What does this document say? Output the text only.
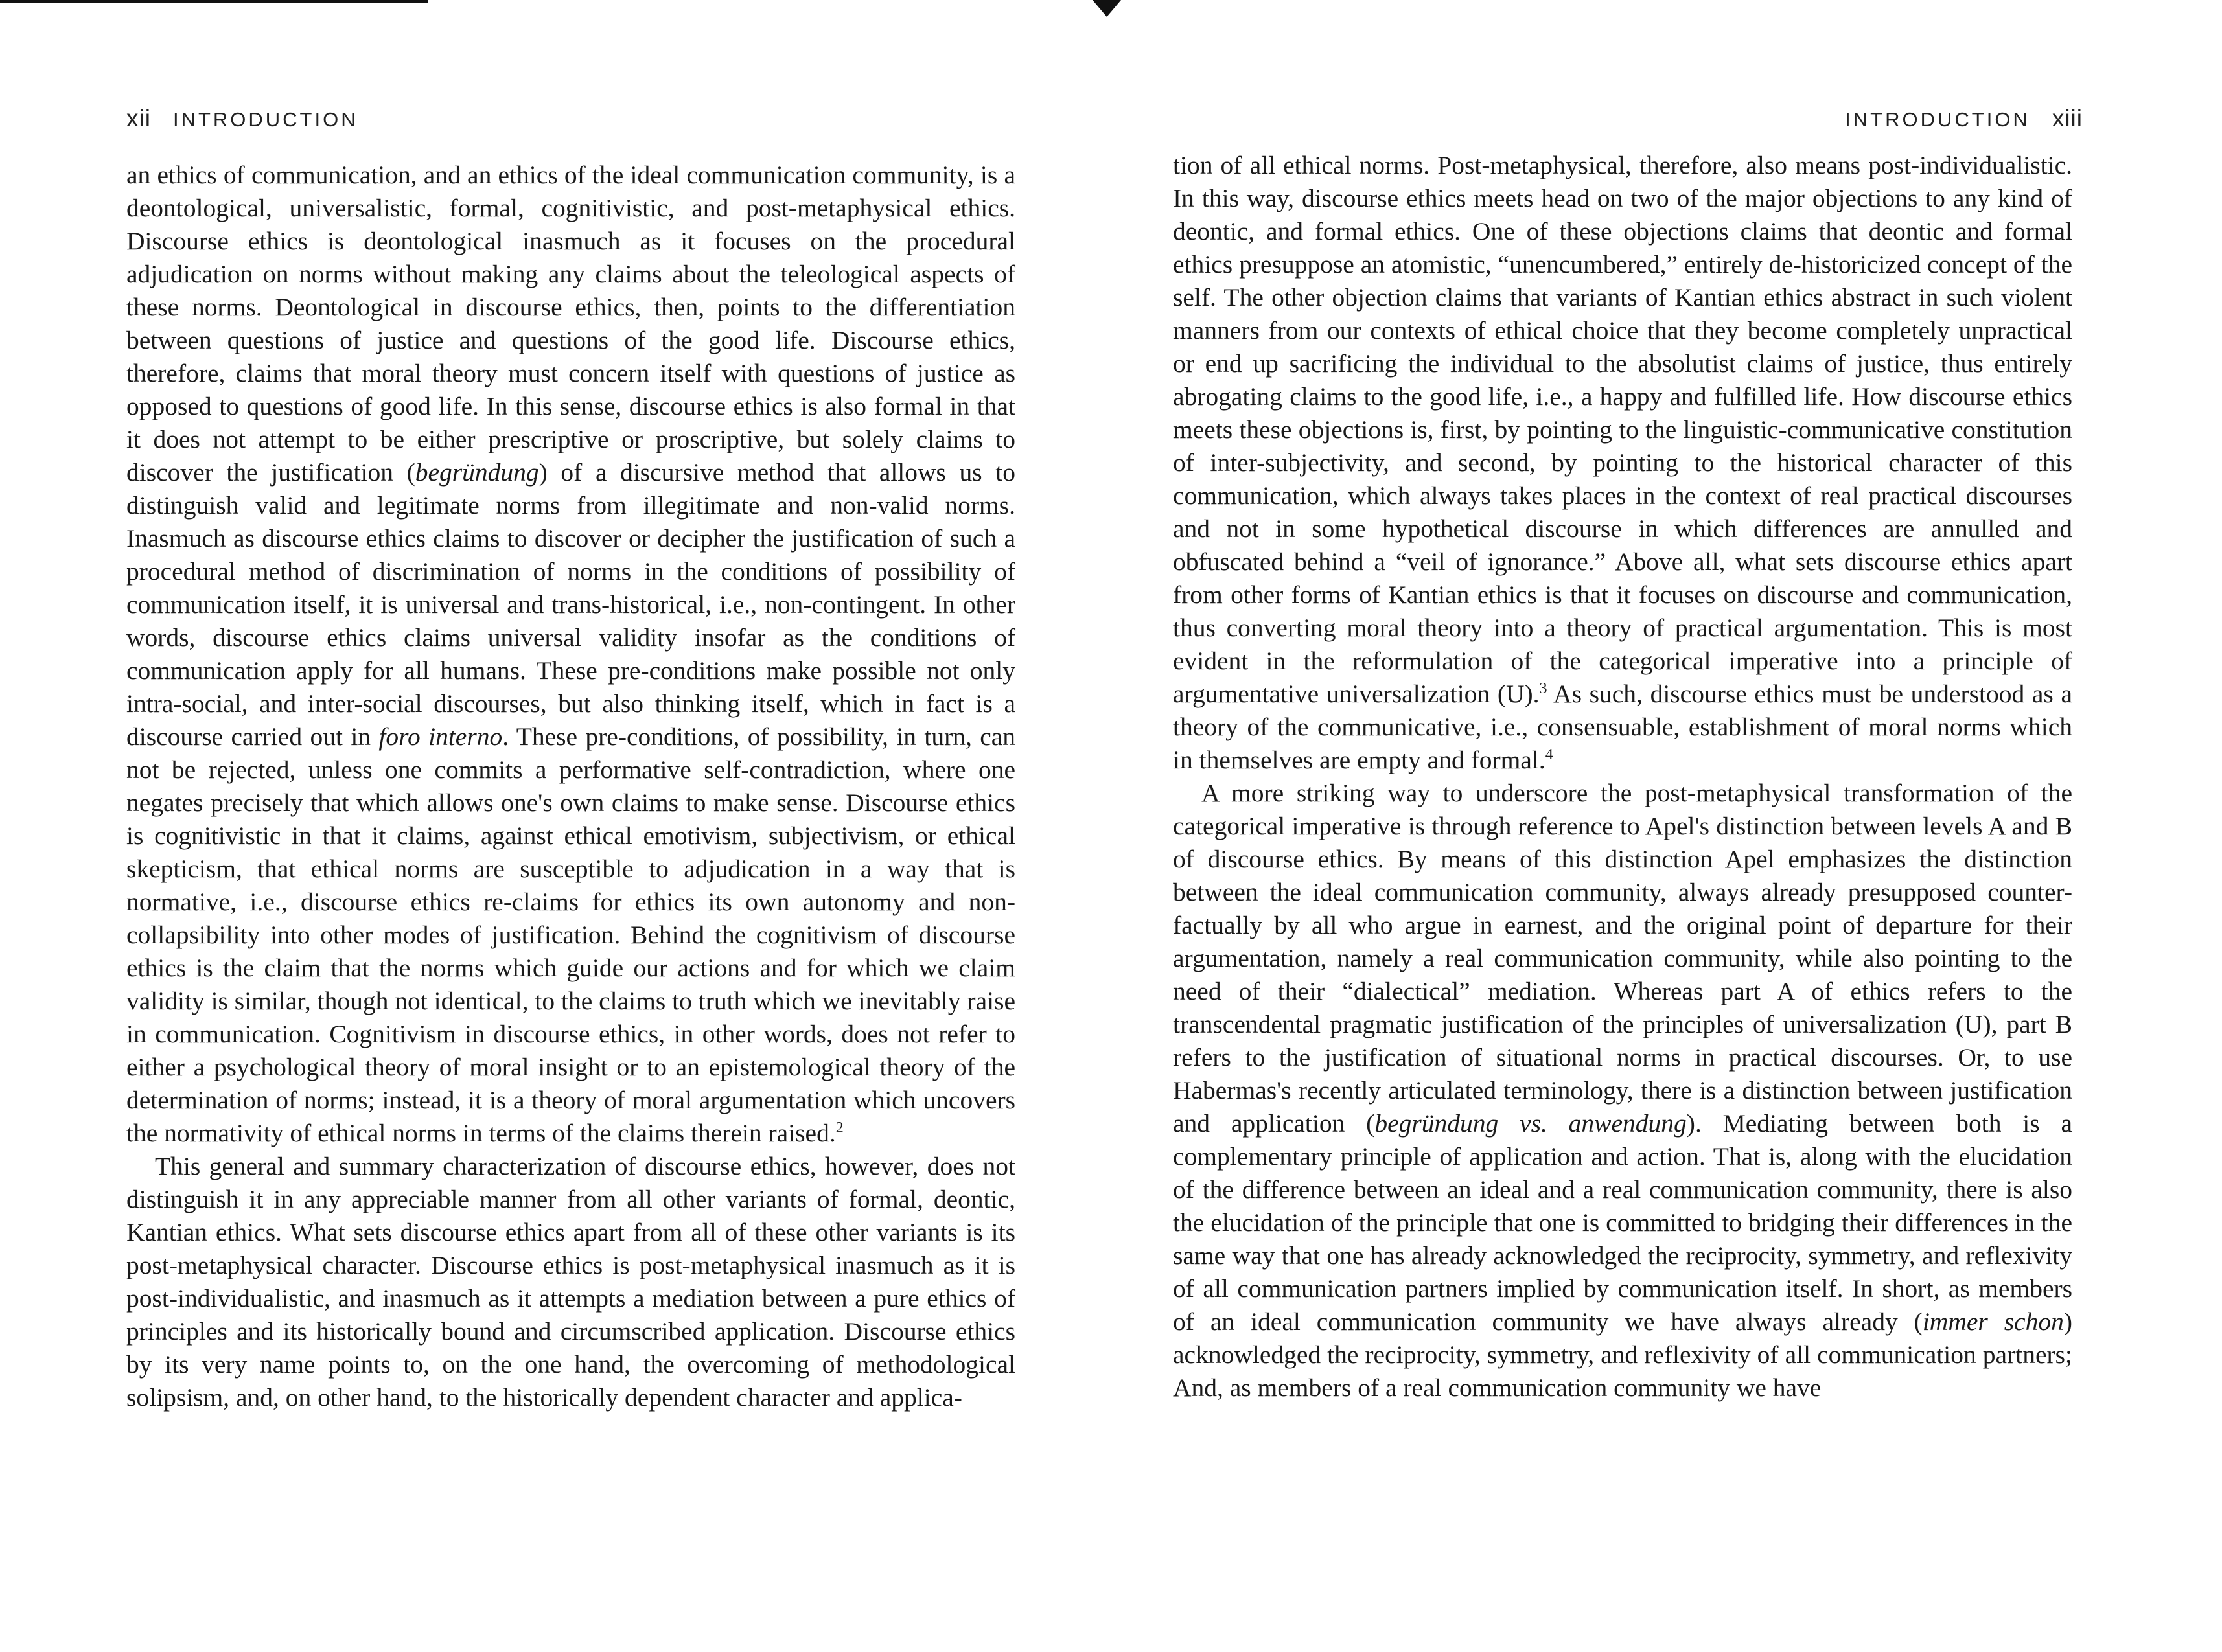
xii INTRODUCTION

an ethics of communication, and an ethics of the ideal communication community, is a deontological, universalistic, formal, cognitivistic, and post-metaphysical ethics. Discourse ethics is deontological inasmuch as it focuses on the procedural adjudication on norms without making any claims about the teleological aspects of these norms. Deontological in discourse ethics, then, points to the differentiation between questions of justice and questions of the good life. Discourse ethics, therefore, claims that moral theory must concern itself with questions of justice as opposed to questions of good life. In this sense, discourse ethics is also formal in that it does not attempt to be either prescriptive or proscriptive, but solely claims to discover the justification (begründung) of a discursive method that allows us to distinguish valid and legitimate norms from illegitimate and non-valid norms. Inasmuch as discourse ethics claims to discover or decipher the justification of such a procedural method of discrimination of norms in the conditions of possibility of communication itself, it is universal and trans-historical, i.e., non-contingent. In other words, discourse ethics claims universal validity insofar as the conditions of communication apply for all humans. These pre-conditions make possible not only intra-social, and inter-social discourses, but also thinking itself, which in fact is a discourse carried out in foro interno. These pre-conditions, of possibility, in turn, can not be rejected, unless one commits a performative self-contradiction, where one negates precisely that which allows one's own claims to make sense. Discourse ethics is cognitivistic in that it claims, against ethical emotivism, subjectivism, or ethical skepticism, that ethical norms are susceptible to adjudication in a way that is normative, i.e., discourse ethics re-claims for ethics its own autonomy and non-collapsibility into other modes of justification. Behind the cognitivism of discourse ethics is the claim that the norms which guide our actions and for which we claim validity is similar, though not identical, to the claims to truth which we inevitably raise in communication. Cognitivism in discourse ethics, in other words, does not refer to either a psychological theory of moral insight or to an epistemological theory of the determination of norms; instead, it is a theory of moral argumentation which uncovers the normativity of ethical norms in terms of the claims therein raised.$^2$

This general and summary characterization of discourse ethics, however, does not distinguish it in any appreciable manner from all other variants of formal, deontic, Kantian ethics. What sets discourse ethics apart from all of these other variants is its post-metaphysical character. Discourse ethics is post-metaphysical inasmuch as it is post-individualistic, and inasmuch as it attempts a mediation between a pure ethics of principles and its historically bound and circumscribed application. Discourse ethics by its very name points to, on the one hand, the overcoming of methodological solipsism, and, on other hand, to the historically dependent character and applica-

INTRODUCTION xiii

tion of all ethical norms. Post-metaphysical, therefore, also means post-individualistic. In this way, discourse ethics meets head on two of the major objections to any kind of deontic, and formal ethics. One of these objections claims that deontic and formal ethics presuppose an atomistic, “unencumbered,” entirely de-historicized concept of the self. The other objection claims that variants of Kantian ethics abstract in such violent manners from our contexts of ethical choice that they become completely unpractical or end up sacrificing the individual to the absolutist claims of justice, thus entirely abrogating claims to the good life, i.e., a happy and fulfilled life. How discourse ethics meets these objections is, first, by pointing to the linguistic-communicative constitution of inter-subjectivity, and second, by pointing to the historical character of this communication, which always takes places in the context of real practical discourses and not in some hypothetical discourse in which differences are annulled and obfuscated behind a “veil of ignorance.” Above all, what sets discourse ethics apart from other forms of Kantian ethics is that it focuses on discourse and communication, thus converting moral theory into a theory of practical argumentation. This is most evident in the reformulation of the categorical imperative into a principle of argumentative universalization (U).$^3$ As such, discourse ethics must be understood as a theory of the communicative, i.e., consensuable, establishment of moral norms which in themselves are empty and formal.$^4$

A more striking way to underscore the post-metaphysical transformation of the categorical imperative is through reference to Apel's distinction between levels A and B of discourse ethics. By means of this distinction Apel emphasizes the distinction between the ideal communication community, always already presupposed counter-factually by all who argue in earnest, and the original point of departure for their argumentation, namely a real communication community, while also pointing to the need of their “dialectical” mediation. Whereas part A of ethics refers to the transcendental pragmatic justification of the principles of universalization (U), part B refers to the justification of situational norms in practical discourses. Or, to use Habermas's recently articulated terminology, there is a distinction between justification and application (begründung vs. anwendung). Mediating between both is a complementary principle of application and action. That is, along with the elucidation of the difference between an ideal and a real communication community, there is also the elucidation of the principle that one is committed to bridging their differences in the same way that one has already acknowledged the reciprocity, symmetry, and reflexivity of all communication partners implied by communication itself. In short, as members of an ideal communication community we have always already (immer schon) acknowledged the reciprocity, symmetry, and reflexivity of all communication partners; And, as members of a real communication community we have
